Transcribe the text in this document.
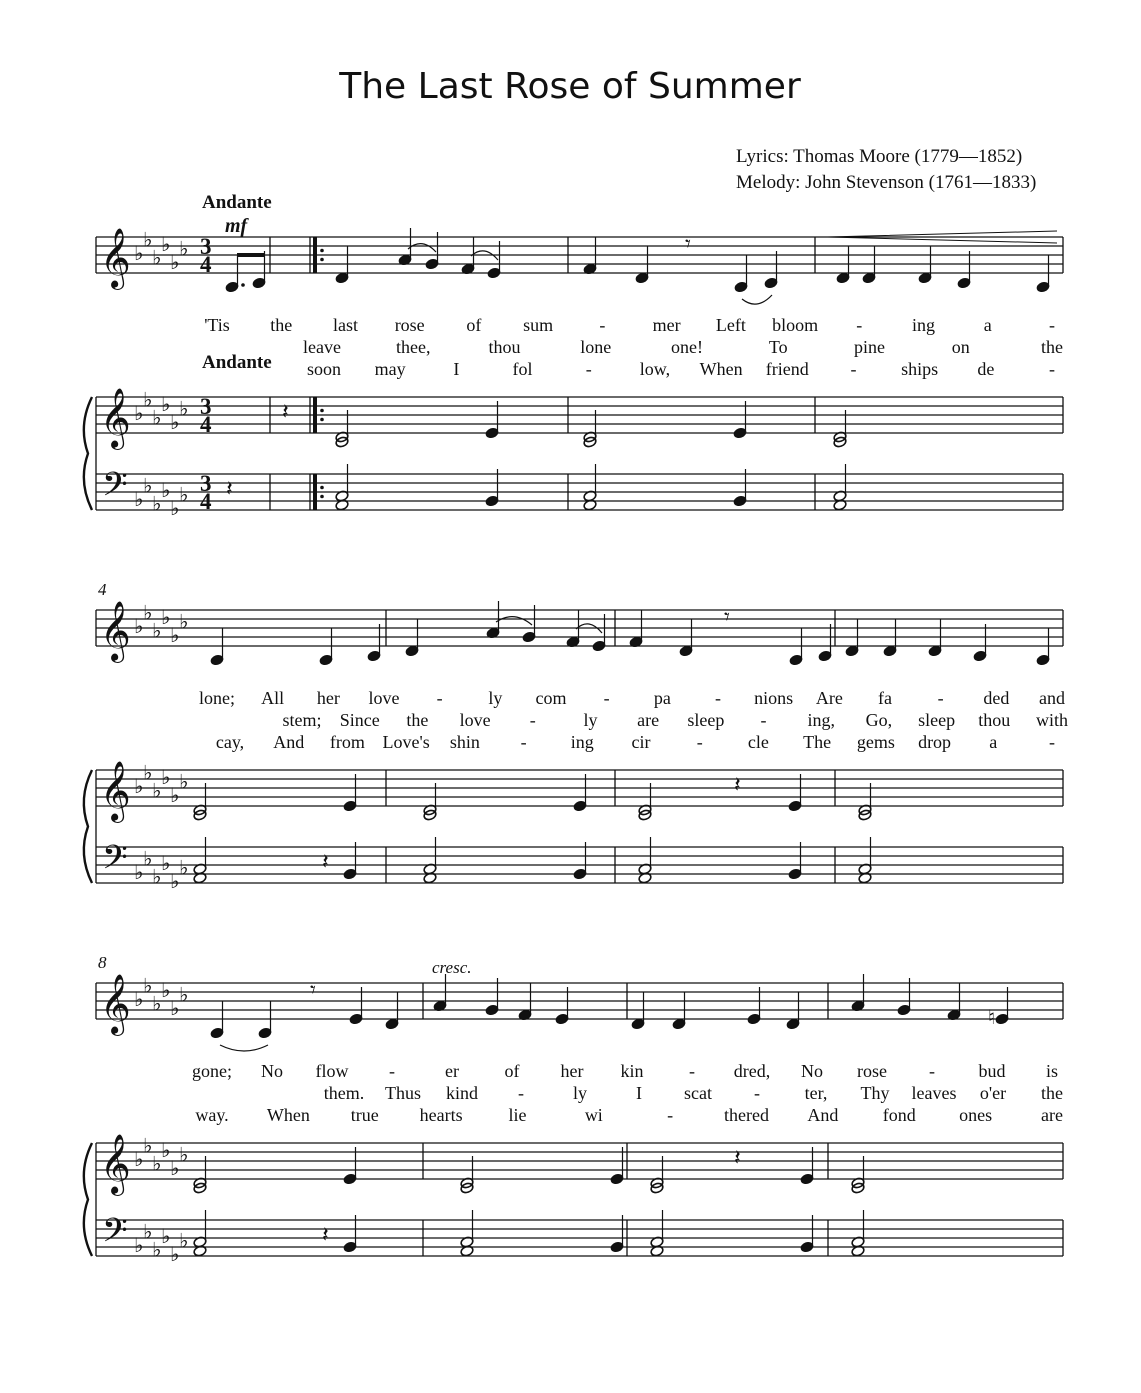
The Last Rose of Summer
Lyrics: Thomas Moore (1779—1852)
Melody: John Stevenson (1761—1833)
Andante
mf
Andante
cresc.
4
8
𝄞
𝄞
𝄢
♭
♭
♭
♭
♭
♭
♭
♭
♭
♭
♭
♭
♭
♭
♭
♭
♭
♭
3
4
3
4
3
4
𝄞
𝄞
𝄢
♭
♭
♭
♭
♭
♭
♭
♭
♭
♭
♭
♭
♭
♭
♭
♭
♭
♭
𝄞
𝄞
𝄢
♭
♭
♭
♭
♭
♭
♭
♭
♭
♭
♭
♭
♭
♭
♭
♭
♭
♭
𝄾
𝄾
𝄾
♮
𝄽
𝄽
𝄽
𝄽
𝄽
𝄽
'Tis the last rose of sum	-	mer Left bloom -	ing	a	-
leave	thee,	thou	lone	one!	To	pine	on	the
soon may	I	fol	-	low, When friend - ships de	-
lone; All her love -	ly com - pa - nions Are fa	- ded and
stem; Since the love -	ly are sleep - ing, Go, sleep thou with
cay, And from Love's shin - ing cir	-	cle The gems drop a	-
gone; No flow -	er	of her kin	- dred, No rose - bud is
them. Thus kind -	ly	I scat - ter, Thy leaves o'er the
way. When true hearts	lie	wi	-	thered And fond ones	are
